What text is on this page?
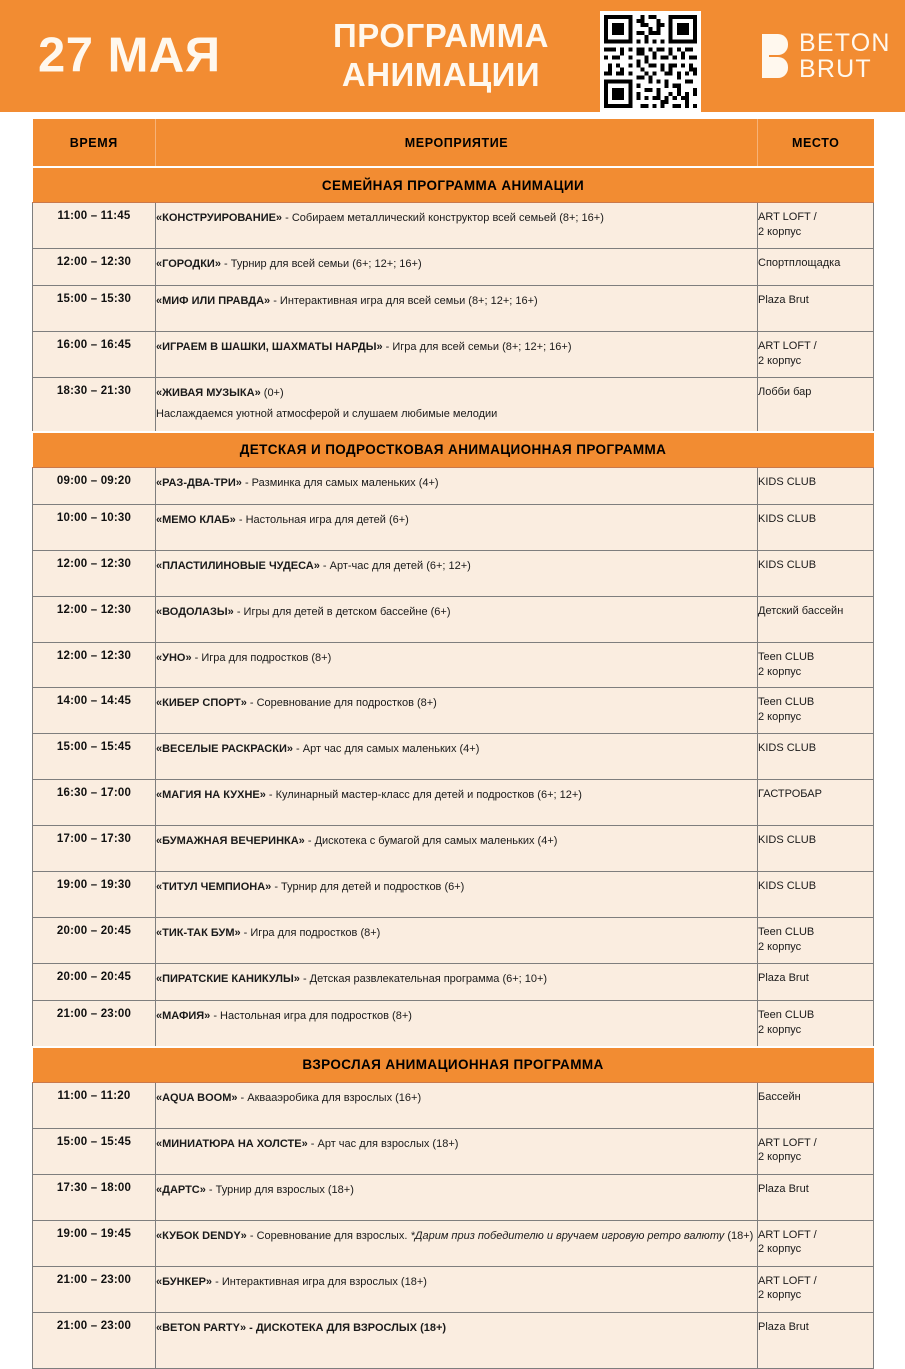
27 МАЯ	ПРОГРАММА
АНИМАЦИИ
BETON
BRUT
ВРЕМЯ	МЕРОПРИЯТИЕ	МЕСТО
СЕМЕЙНАЯ ПРОГРАММА АНИМАЦИИ		
11:00 – 11:45	«КОНСТРУИРОВАНИЕ» - Собираем металлический конструктор всей семьей (8+; 16+)	ART LOFT /
2 корпус

12:00 – 12:30	«ГОРОДКИ» - Турнир для всей семьи (6+; 12+; 16+)	Спортплощадка
15:00 – 15:30	«МИФ ИЛИ ПРАВДА» - Интерактивная игра для всей семьи (8+; 12+; 16+)	Plaza Brut
16:00 – 16:45	«ИГРАЕМ В ШАШКИ, ШАХМАТЫ НАРДЫ» - Игра для всей семьи (8+; 12+; 16+)	ART LOFT /
2 корпус

18:30 – 21:30	«ЖИВАЯ МУЗЫКА» (0+)
Наслаждаемся уютной атмосферой и слушаем любимые мелодии	Лобби бар
ДЕТСКАЯ И ПОДРОСТКОВАЯ АНИМАЦИОННАЯ ПРОГРАММА		
09:00 – 09:20	«РАЗ-ДВА-ТРИ» - Разминка для самых маленьких (4+)	KIDS CLUB
10:00 – 10:30	«МЕМО КЛАБ» - Настольная игра для детей (6+)	KIDS CLUB
12:00 – 12:30	«ПЛАСТИЛИНОВЫЕ ЧУДЕСА» - Арт-час для детей (6+; 12+)	KIDS CLUB
12:00 – 12:30	«ВОДОЛАЗЫ» - Игры для детей в детском бассейне (6+)	Детский бассейн
12:00 – 12:30	«УНО» - Игра для подростков (8+)	Teen CLUB
2 корпус

14:00 – 14:45	«КИБЕР СПОРТ» - Соревнование для подростков (8+)	Teen CLUB
2 корпус

15:00 – 15:45	«ВЕСЕЛЫЕ РАСКРАСКИ» - Арт час для самых маленьких (4+)	KIDS CLUB
16:30 – 17:00	«МАГИЯ НА КУХНЕ» - Кулинарный мастер-класс для детей и подростков (6+; 12+)	ГАСТРОБАР
17:00 – 17:30	«БУМАЖНАЯ ВЕЧЕРИНКА» - Дискотека с бумагой для самых маленьких (4+)	KIDS CLUB
19:00 – 19:30	«ТИТУЛ ЧЕМПИОНА» - Турнир для детей и подростков (6+)	KIDS CLUB
20:00 – 20:45	«ТИК-ТАК БУМ» - Игра для подростков (8+)	Teen CLUB
2 корпус

20:00 – 20:45	«ПИРАТСКИЕ КАНИКУЛЫ» - Детская развлекательная программа (6+; 10+)	Plaza Brut
21:00 – 23:00	«МАФИЯ» - Настольная игра для подростков (8+)	Teen CLUB
2 корпус

ВЗРОСЛАЯ АНИМАЦИОННАЯ ПРОГРАММА		
11:00 – 11:20	«AQUA BOOM» - Аквааэробика для взрослых (16+)	Бассейн
15:00 – 15:45	«МИНИАТЮРА НА ХОЛСТЕ» - Арт час для взрослых (18+)	ART LOFT /
2 корпус

17:30 – 18:00	«ДАРТС» - Турнир для взрослых (18+)	Plaza Brut
19:00 – 19:45	«КУБОК DENDY» - Соревнование для взрослых. *Дарим приз победителю и вручаем игровую ретро валюту (18+)	ART LOFT /
2 корпус

21:00 – 23:00	«БУНКЕР» - Интерактивная игра для взрослых (18+)	ART LOFT /
2 корпус

21:00 – 23:00	«BETON PARTY» - ДИСКОТЕКА ДЛЯ ВЗРОСЛЫХ (18+)	Plaza Brut
